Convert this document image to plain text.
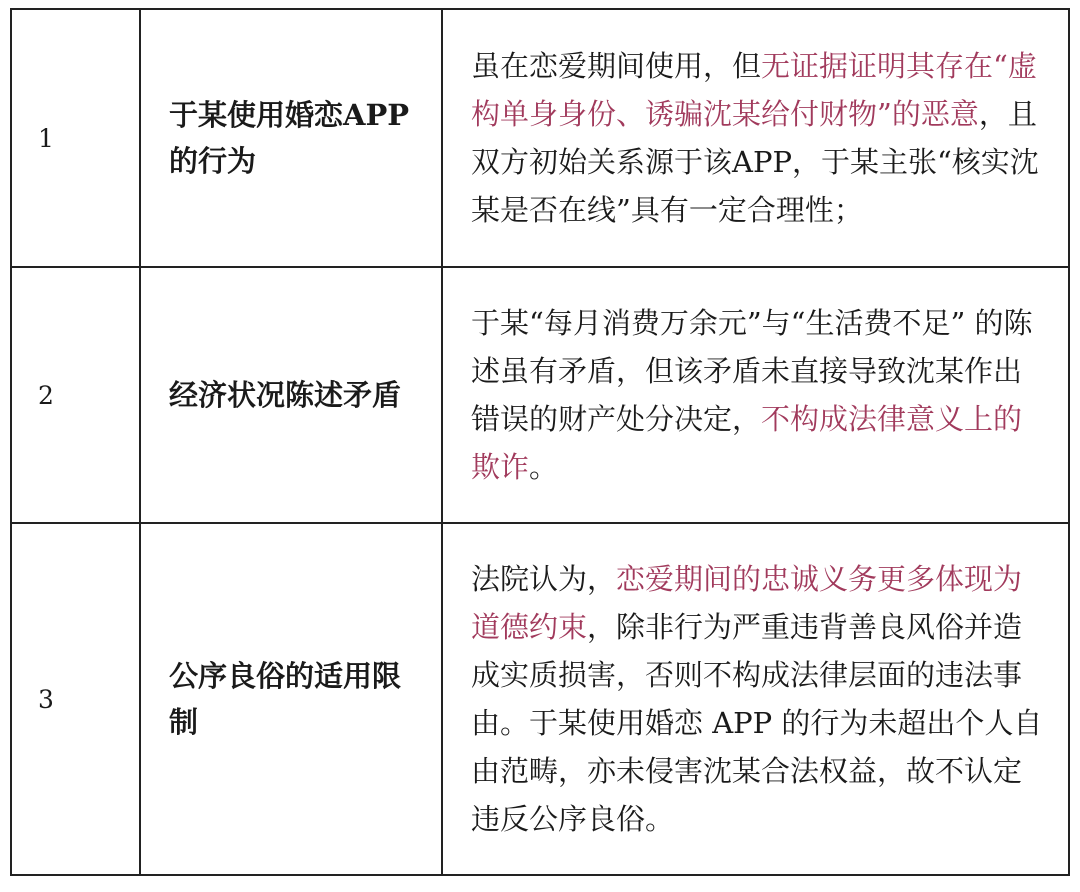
1	于某使用婚恋APP的行为	虽在恋爱期间使用，但无证据证明其存在“虚构单身身份、诱骗沈某给付财物”的恶意，且双方初始关系源于该APP，于某主张“核实沈某是否在线”具有一定合理性；
2	经济状况陈述矛盾	于某“每月消费万余元”与“生活费不足” 的陈述虽有矛盾，但该矛盾未直接导致沈某作出错误的财产处分决定，不构成法律意义上的欺诈。
3	公序良俗的适用限制	法院认为，恋爱期间的忠诚义务更多体现为道德约束，除非行为严重违背善良风俗并造成实质损害，否则不构成法律层面的违法事由。于某使用婚恋 APP 的行为未超出个人自由范畴，亦未侵害沈某合法权益，故不认定违反公序良俗。
